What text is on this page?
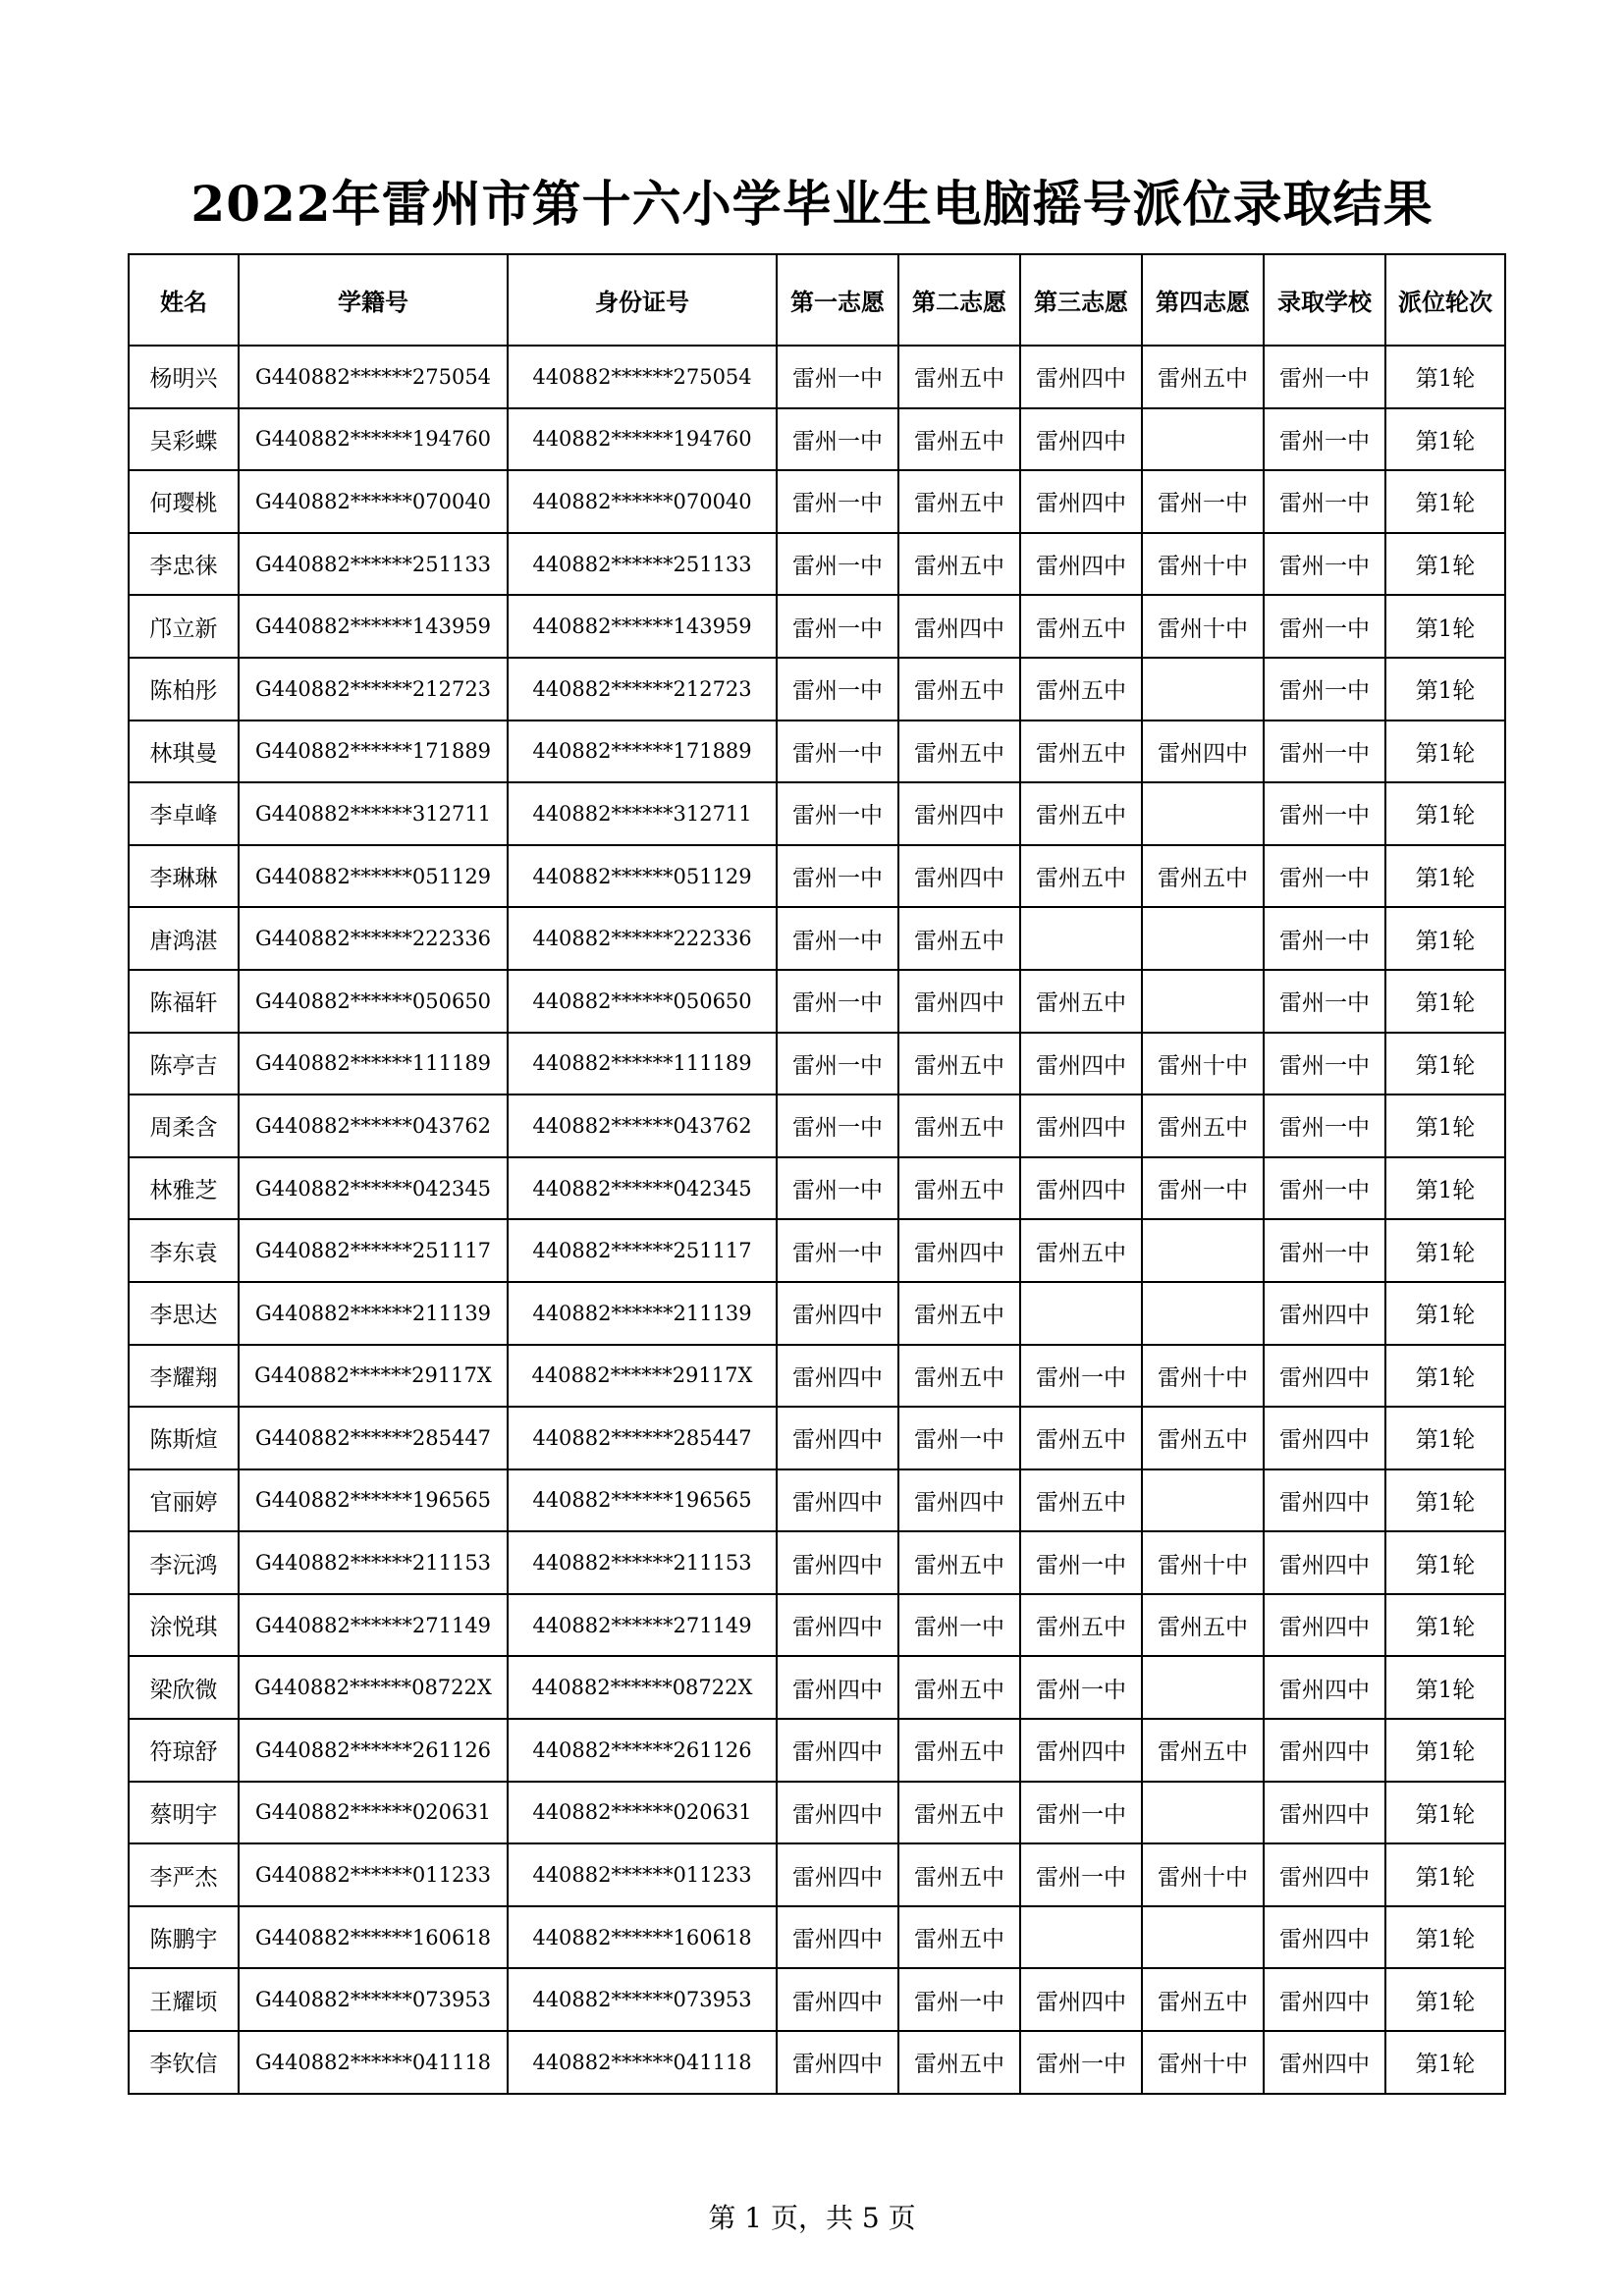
2022年雷州市第十六小学毕业生电脑摇号派位录取结果
姓名	学籍号	身份证号	第一志愿	第二志愿	第三志愿	第四志愿	录取学校	派位轮次
杨明兴	G440882******275054	440882******275054	雷州一中	雷州五中	雷州四中	雷州五中	雷州一中	第1轮
吴彩蝶	G440882******194760	440882******194760	雷州一中	雷州五中	雷州四中		雷州一中	第1轮
何璎桃	G440882******070040	440882******070040	雷州一中	雷州五中	雷州四中	雷州一中	雷州一中	第1轮
李忠徕	G440882******251133	440882******251133	雷州一中	雷州五中	雷州四中	雷州十中	雷州一中	第1轮
邝立新	G440882******143959	440882******143959	雷州一中	雷州四中	雷州五中	雷州十中	雷州一中	第1轮
陈柏彤	G440882******212723	440882******212723	雷州一中	雷州五中	雷州五中		雷州一中	第1轮
林琪曼	G440882******171889	440882******171889	雷州一中	雷州五中	雷州五中	雷州四中	雷州一中	第1轮
李卓峰	G440882******312711	440882******312711	雷州一中	雷州四中	雷州五中		雷州一中	第1轮
李琳琳	G440882******051129	440882******051129	雷州一中	雷州四中	雷州五中	雷州五中	雷州一中	第1轮
唐鸿湛	G440882******222336	440882******222336	雷州一中	雷州五中			雷州一中	第1轮
陈福轩	G440882******050650	440882******050650	雷州一中	雷州四中	雷州五中		雷州一中	第1轮
陈亭吉	G440882******111189	440882******111189	雷州一中	雷州五中	雷州四中	雷州十中	雷州一中	第1轮
周柔含	G440882******043762	440882******043762	雷州一中	雷州五中	雷州四中	雷州五中	雷州一中	第1轮
林雅芝	G440882******042345	440882******042345	雷州一中	雷州五中	雷州四中	雷州一中	雷州一中	第1轮
李东袁	G440882******251117	440882******251117	雷州一中	雷州四中	雷州五中		雷州一中	第1轮
李思达	G440882******211139	440882******211139	雷州四中	雷州五中			雷州四中	第1轮
李耀翔	G440882******29117X	440882******29117X	雷州四中	雷州五中	雷州一中	雷州十中	雷州四中	第1轮
陈斯煊	G440882******285447	440882******285447	雷州四中	雷州一中	雷州五中	雷州五中	雷州四中	第1轮
官丽婷	G440882******196565	440882******196565	雷州四中	雷州四中	雷州五中		雷州四中	第1轮
李沅鸿	G440882******211153	440882******211153	雷州四中	雷州五中	雷州一中	雷州十中	雷州四中	第1轮
涂悦琪	G440882******271149	440882******271149	雷州四中	雷州一中	雷州五中	雷州五中	雷州四中	第1轮
梁欣微	G440882******08722X	440882******08722X	雷州四中	雷州五中	雷州一中		雷州四中	第1轮
符琼舒	G440882******261126	440882******261126	雷州四中	雷州五中	雷州四中	雷州五中	雷州四中	第1轮
蔡明宇	G440882******020631	440882******020631	雷州四中	雷州五中	雷州一中		雷州四中	第1轮
李严杰	G440882******011233	440882******011233	雷州四中	雷州五中	雷州一中	雷州十中	雷州四中	第1轮
陈鹏宇	G440882******160618	440882******160618	雷州四中	雷州五中			雷州四中	第1轮
王耀顷	G440882******073953	440882******073953	雷州四中	雷州一中	雷州四中	雷州五中	雷州四中	第1轮
李钦信	G440882******041118	440882******041118	雷州四中	雷州五中	雷州一中	雷州十中	雷州四中	第1轮
第 1 页，共 5 页
